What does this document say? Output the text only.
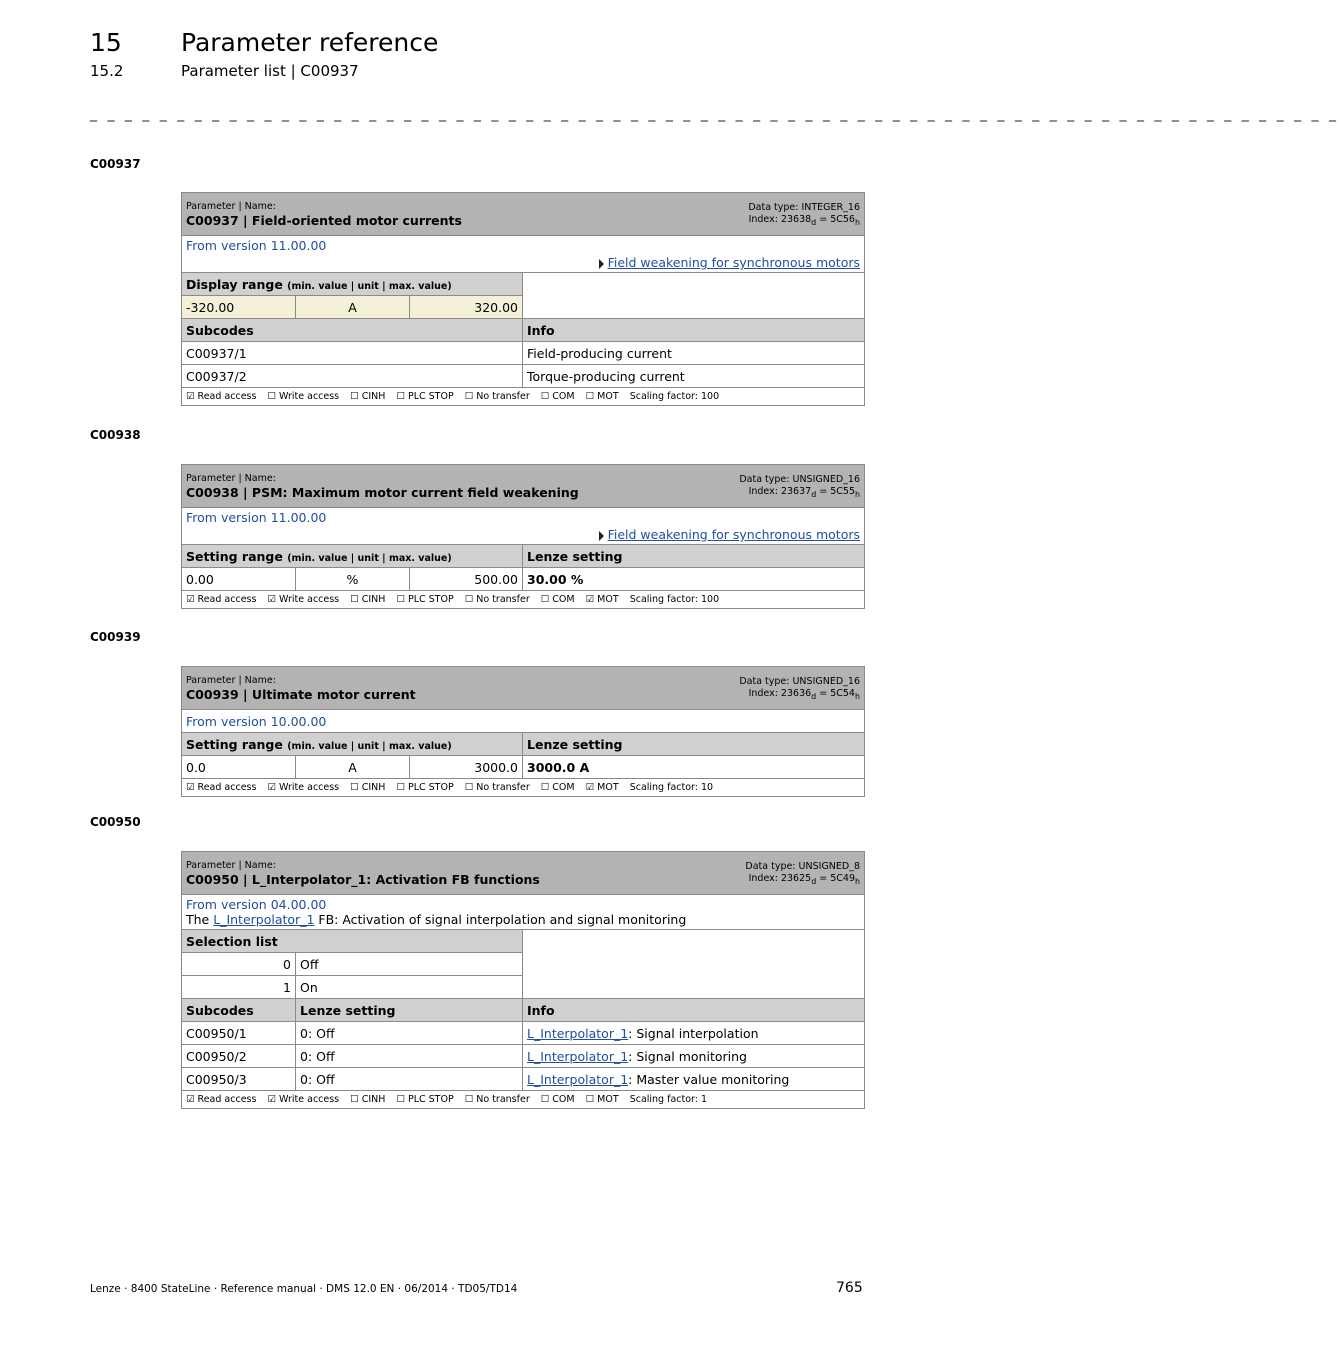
15 Parameter reference
15.2	Parameter list | C00937
_ _ _ _ _ _ _ _ _ _ _ _ _ _ _ _ _ _ _ _ _ _ _ _ _ _ _ _ _ _ _ _ _ _ _ _ _ _ _ _ _ _ _ _ _ _ _ _ _ _ _ _ _ _ _ _ _ _ _ _ _ _ _ _ _ _ _ _ _ _ _ _
C00937
Parameter | Name:
C00937 | Field-oriented motor currents
Data type: INTEGER_16
Index: $23638_d = 5C56_h$

From version 11.00.00
Field weakening for synchronous motors			

Display range (min. value | unit | max. value)			
-320.00	A	320.00	
Subcodes			Info
C00937/1			Field-producing current
C00937/2			Torque-producing current
☑ Read access ☐ Write access ☐ CINH ☐ PLC STOP ☐ No transfer ☐ COM ☐ MOT Scaling factor: 100			
C00938
Parameter | Name:
C00938 | PSM: Maximum motor current field weakening
Data type: UNSIGNED_16
Index: $23637_d = 5C55_h$

From version 11.00.00
Field weakening for synchronous motors			

Setting range (min. value | unit | max. value)			Lenze setting
0.00	%	500.00	30.00 %
☑ Read access ☑ Write access ☐ CINH ☐ PLC STOP ☐ No transfer ☐ COM ☑ MOT Scaling factor: 100			
C00939
Parameter | Name:
C00939 | Ultimate motor current
Data type: UNSIGNED_16
Index: $23636_d = 5C54_h$

From version 10.00.00			
Setting range (min. value | unit | max. value)			Lenze setting
0.0	A	3000.0	3000.0 A
☑ Read access ☑ Write access ☐ CINH ☐ PLC STOP ☐ No transfer ☐ COM ☑ MOT Scaling factor: 10			
C00950
Parameter | Name:
C00950 | L_Interpolator_1: Activation FB functions
Data type: UNSIGNED_8
Index: $23625_d = 5C49_h$

From version 04.00.00
The L_Interpolator_1 FB: Activation of signal interpolation and signal monitoring		

Selection list		
0	Off	
1	On	
Subcodes	Lenze setting	Info
C00950/1	0: Off	L_Interpolator_1: Signal interpolation
C00950/2	0: Off	L_Interpolator_1: Signal monitoring
C00950/3	0: Off	L_Interpolator_1: Master value monitoring
☑ Read access ☑ Write access ☐ CINH ☐ PLC STOP ☐ No transfer ☐ COM ☐ MOT Scaling factor: 1		
Lenze · 8400 StateLine · Reference manual · DMS 12.0 EN · 06/2014 · TD05/TD14	765
